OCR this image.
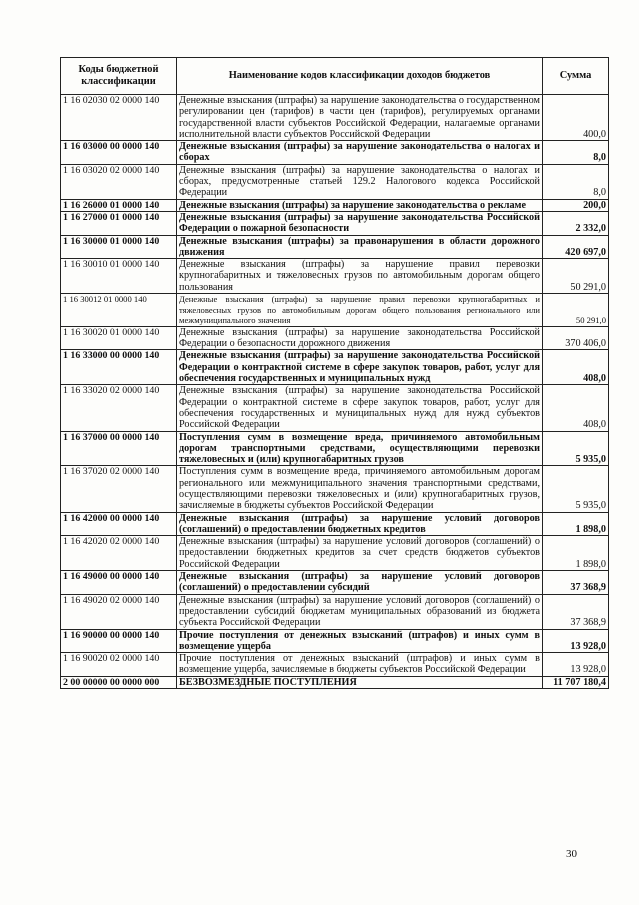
Коды бюджетной классификации	Наименование кодов классификации доходов бюджетов	Сумма
1 16 02030 02 0000 140	Денежные взыскания (штрафы) за нарушение законодательства о государственном регулировании цен (тарифов) в части цен (тарифов), регулируемых органами государственной власти субъектов Российской Федерации, налагаемые органами исполнительной власти субъектов Российской Федерации	400,0
1 16 03000 00 0000 140	Денежные взыскания (штрафы) за нарушение законодательства о налогах и сборах	8,0
1 16 03020 02 0000 140	Денежные взыскания (штрафы) за нарушение законодательства о налогах и сборах, предусмотренные статьей 129.2 Налогового кодекса Российской Федерации	8,0
1 16 26000 01 0000 140	Денежные взыскания (штрафы) за нарушение законодательства о рекламе	200,0
1 16 27000 01 0000 140	Денежные взыскания (штрафы) за нарушение законодательства Российской Федерации о пожарной безопасности	2 332,0
1 16 30000 01 0000 140	Денежные взыскания (штрафы) за правонарушения в области дорожного движения	420 697,0
1 16 30010 01 0000 140	Денежные взыскания (штрафы) за нарушение правил перевозки крупногабаритных и тяжеловесных грузов по автомобильным дорогам общего пользования	50 291,0
1 16 30012 01 0000 140	Денежные взыскания (штрафы) за нарушение правил перевозки крупногабаритных и тяжеловесных грузов по автомобильным дорогам общего пользования регионального или межмуниципального значения	50 291,0
1 16 30020 01 0000 140	Денежные взыскания (штрафы) за нарушение законодательства Российской Федерации о безопасности дорожного движения	370 406,0
1 16 33000 00 0000 140	Денежные взыскания (штрафы) за нарушение законодательства Российской Федерации о контрактной системе в сфере закупок товаров, работ, услуг для обеспечения государственных и муниципальных нужд	408,0
1 16 33020 02 0000 140	Денежные взыскания (штрафы) за нарушение законодательства Российской Федерации о контрактной системе в сфере закупок товаров, работ, услуг для обеспечения государственных и муниципальных нужд для нужд субъектов Российской Федерации	408,0
1 16 37000 00 0000 140	Поступления сумм в возмещение вреда, причиняемого автомобильным дорогам транспортными средствами, осуществляющими перевозки тяжеловесных и (или) крупногабаритных грузов	5 935,0
1 16 37020 02 0000 140	Поступления сумм в возмещение вреда, причиняемого автомобильным дорогам регионального или межмуниципального значения транспортными средствами, осуществляющими перевозки тяжеловесных и (или) крупногабаритных грузов, зачисляемые в бюджеты субъектов Российской Федерации	5 935,0
1 16 42000 00 0000 140	Денежные взыскания (штрафы) за нарушение условий договоров (соглашений) о предоставлении бюджетных кредитов	1 898,0
1 16 42020 02 0000 140	Денежные взыскания (штрафы) за нарушение условий договоров (соглашений) о предоставлении бюджетных кредитов за счет средств бюджетов субъектов Российской Федерации	1 898,0
1 16 49000 00 0000 140	Денежные взыскания (штрафы) за нарушение условий договоров (соглашений) о предоставлении субсидий	37 368,9
1 16 49020 02 0000 140	Денежные взыскания (штрафы) за нарушение условий договоров (соглашений) о предоставлении субсидий бюджетам муниципальных образований из бюджета субъекта Российской Федерации	37 368,9
1 16 90000 00 0000 140	Прочие поступления от денежных взысканий (штрафов) и иных сумм в возмещение ущерба	13 928,0
1 16 90020 02 0000 140	Прочие поступления от денежных взысканий (штрафов) и иных сумм в возмещение ущерба, зачисляемые в бюджеты субъектов Российской Федерации	13 928,0
2 00 00000 00 0000 000	БЕЗВОЗМЕЗДНЫЕ ПОСТУПЛЕНИЯ	11 707 180,4
30
